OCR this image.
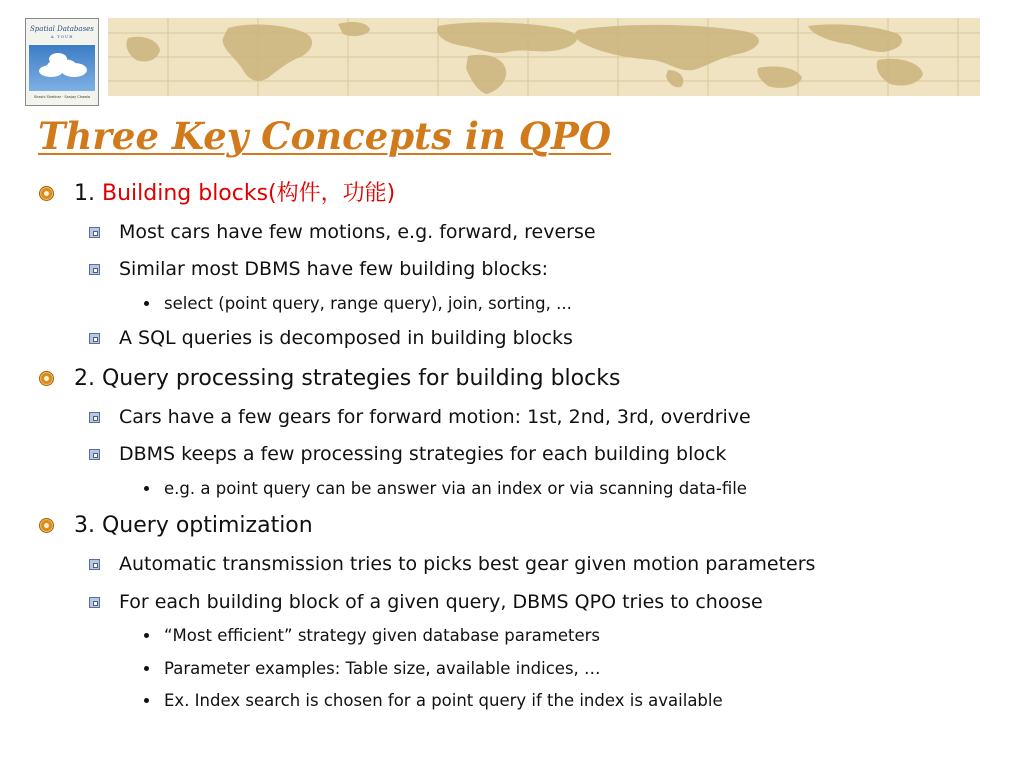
Spatial Databases
A TOUR
Shashi Shekhar · Sanjay Chawla
Three Key Concepts in QPO
1. Building blocks(构件，功能)
Most cars have few motions, e.g. forward, reverse
Similar most DBMS have few building blocks:
select (point query, range query), join, sorting, ...
A SQL queries is decomposed in building blocks
2. Query processing strategies for building blocks
Cars have a few gears for forward motion: 1st, 2nd, 3rd, overdrive
DBMS keeps a few processing strategies for each building block
e.g. a point query can be answer via an index or via scanning data-file
3. Query optimization
Automatic transmission tries to picks best gear given motion parameters
For each building block of a given query, DBMS QPO tries to choose
“Most efficient” strategy given database parameters
Parameter examples: Table size, available indices, …
Ex. Index search is chosen for a point query if the index is available
